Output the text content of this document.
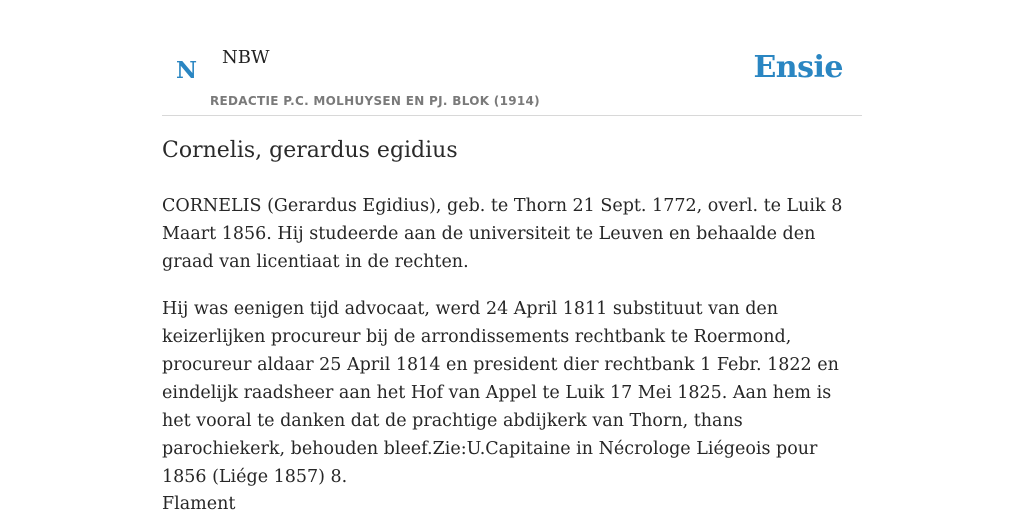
N NBW
REDACTIE P.C. MOLHUYSEN EN PJ. BLOK (1914)
Ensie
Cornelis, gerardus egidius

CORNELIS (Gerardus Egidius), geb. te Thorn 21 Sept. 1772, overl. te Luik 8 Maart 1856. Hij studeerde aan de universiteit te Leuven en behaalde den graad van licentiaat in de rechten.

Hij was eenigen tijd advocaat, werd 24 April 1811 substituut van den keizerlijken procureur bij de arrondissements rechtbank te Roermond, procureur aldaar 25 April 1814 en president dier rechtbank 1 Febr. 1822 en eindelijk raadsheer aan het Hof van Appel te Luik 17 Mei 1825. Aan hem is het vooral te danken dat de prachtige abdijkerk van Thorn, thans parochiekerk, behouden bleef.Zie:U.Capitaine in Nécrologe Liégeois pour 1856 (Liége 1857) 8.

Flament
